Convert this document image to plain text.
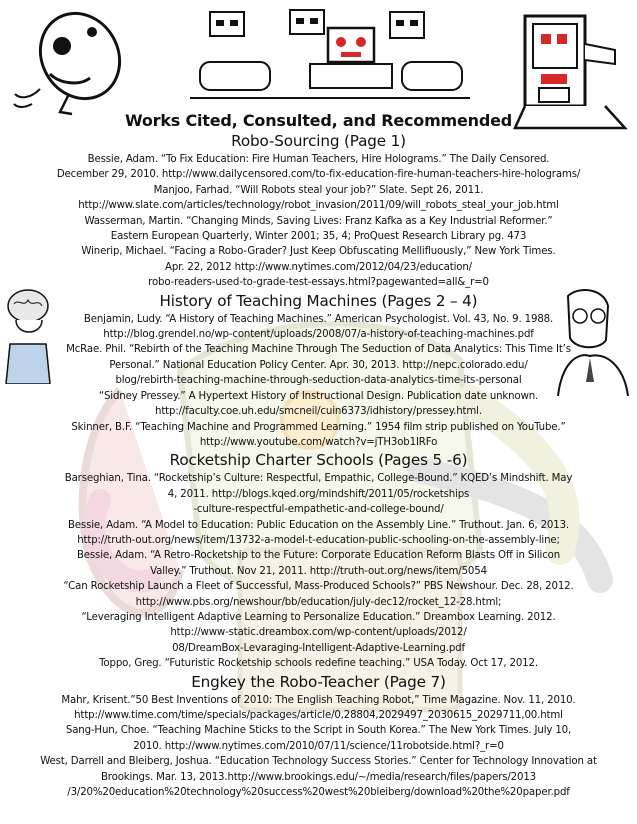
Works Cited, Consulted, and Recommended
Robo-Sourcing (Page 1)

Bessie, Adam. “To Fix Education: Fire Human Teachers, Hire Holograms.” The Daily Censored.

December 29, 2010. http://www.dailycensored.com/to-fix-education-fire-human-teachers-hire-holograms/

Manjoo, Farhad. “Will Robots steal your job?” Slate. Sept 26, 2011.

http://www.slate.com/articles/technology/robot_invasion/2011/09/will_robots_steal_your_job.html

Wasserman, Martin. “Changing Minds, Saving Lives: Franz Kafka as a Key Industrial Reformer.”

Eastern European Quarterly, Winter 2001; 35, 4; ProQuest Research Library pg. 473

Winerip, Michael. “Facing a Robo-Grader? Just Keep Obfuscating Mellifluously,” New York Times.

Apr. 22, 2012 http://www.nytimes.com/2012/04/23/education/

robo-readers-used-to-grade-test-essays.html?pagewanted=all&_r=0

History of Teaching Machines (Pages 2 – 4)

Benjamin, Ludy. “A History of Teaching Machines.” American Psychologist. Vol. 43, No. 9. 1988.

http://blog.grendel.no/wp-content/uploads/2008/07/a-history-of-teaching-machines.pdf

McRae. Phil. “Rebirth of the Teaching Machine Through The Seduction of Data Analytics: This Time It’s

Personal.” National Education Policy Center. Apr. 30, 2013. http://nepc.colorado.edu/

blog/rebirth-teaching-machine-through-seduction-data-analytics-time-its-personal

“Sidney Pressey.” A Hypertext History of Instructional Design. Publication date unknown.

http://faculty.coe.uh.edu/smcneil/cuin6373/idhistory/pressey.html.

Skinner, B.F. “Teaching Machine and Programmed Learning.” 1954 film strip published on YouTube.”

http://www.youtube.com/watch?v=jTH3ob1IRFo

Rocketship Charter Schools (Pages 5 -6)

Barseghian, Tina. “Rocketship’s Culture: Respectful, Empathic, College-Bound.” KQED’s Mindshift. May

4, 2011. http://blogs.kqed.org/mindshift/2011/05/rocketships

-culture-respectful-empathetic-and-college-bound/

Bessie, Adam. “A Model to Education: Public Education on the Assembly Line.” Truthout. Jan. 6, 2013.

http://truth-out.org/news/item/13732-a-model-t-education-public-schooling-on-the-assembly-line;

Bessie, Adam. “A Retro-Rocketship to the Future: Corporate Education Reform Blasts Off in Silicon

Valley.” Truthout. Nov 21, 2011. http://truth-out.org/news/item/5054

“Can Rocketship Launch a Fleet of Successful, Mass-Produced Schools?” PBS Newshour. Dec. 28, 2012.

http://www.pbs.org/newshour/bb/education/july-dec12/rocket_12-28.html;

“Leveraging Intelligent Adaptive Learning to Personalize Education.” Dreambox Learning. 2012.

http://www-static.dreambox.com/wp-content/uploads/2012/

08/DreamBox-Levaraging-Intelligent-Adaptive-Learning.pdf

Toppo, Greg. “Futuristic Rocketship schools redefine teaching.” USA Today. Oct 17, 2012.

Engkey the Robo-Teacher (Page 7)

Mahr, Krisent.”50 Best Inventions of 2010: The English Teaching Robot,” Time Magazine. Nov. 11, 2010.

http://www.time.com/time/specials/packages/article/0,28804,2029497_2030615_2029711,00.html

Sang-Hun, Choe. “Teaching Machine Sticks to the Script in South Korea.” The New York Times. July 10,

2010. http://www.nytimes.com/2010/07/11/science/11robotside.html?_r=0

West, Darrell and Bleiberg, Joshua. “Education Technology Success Stories.” Center for Technology Innovation at

Brookings. Mar. 13, 2013.http://www.brookings.edu/~/media/research/files/papers/2013

/3/20%20education%20technology%20success%20west%20bleiberg/download%20the%20paper.pdf
